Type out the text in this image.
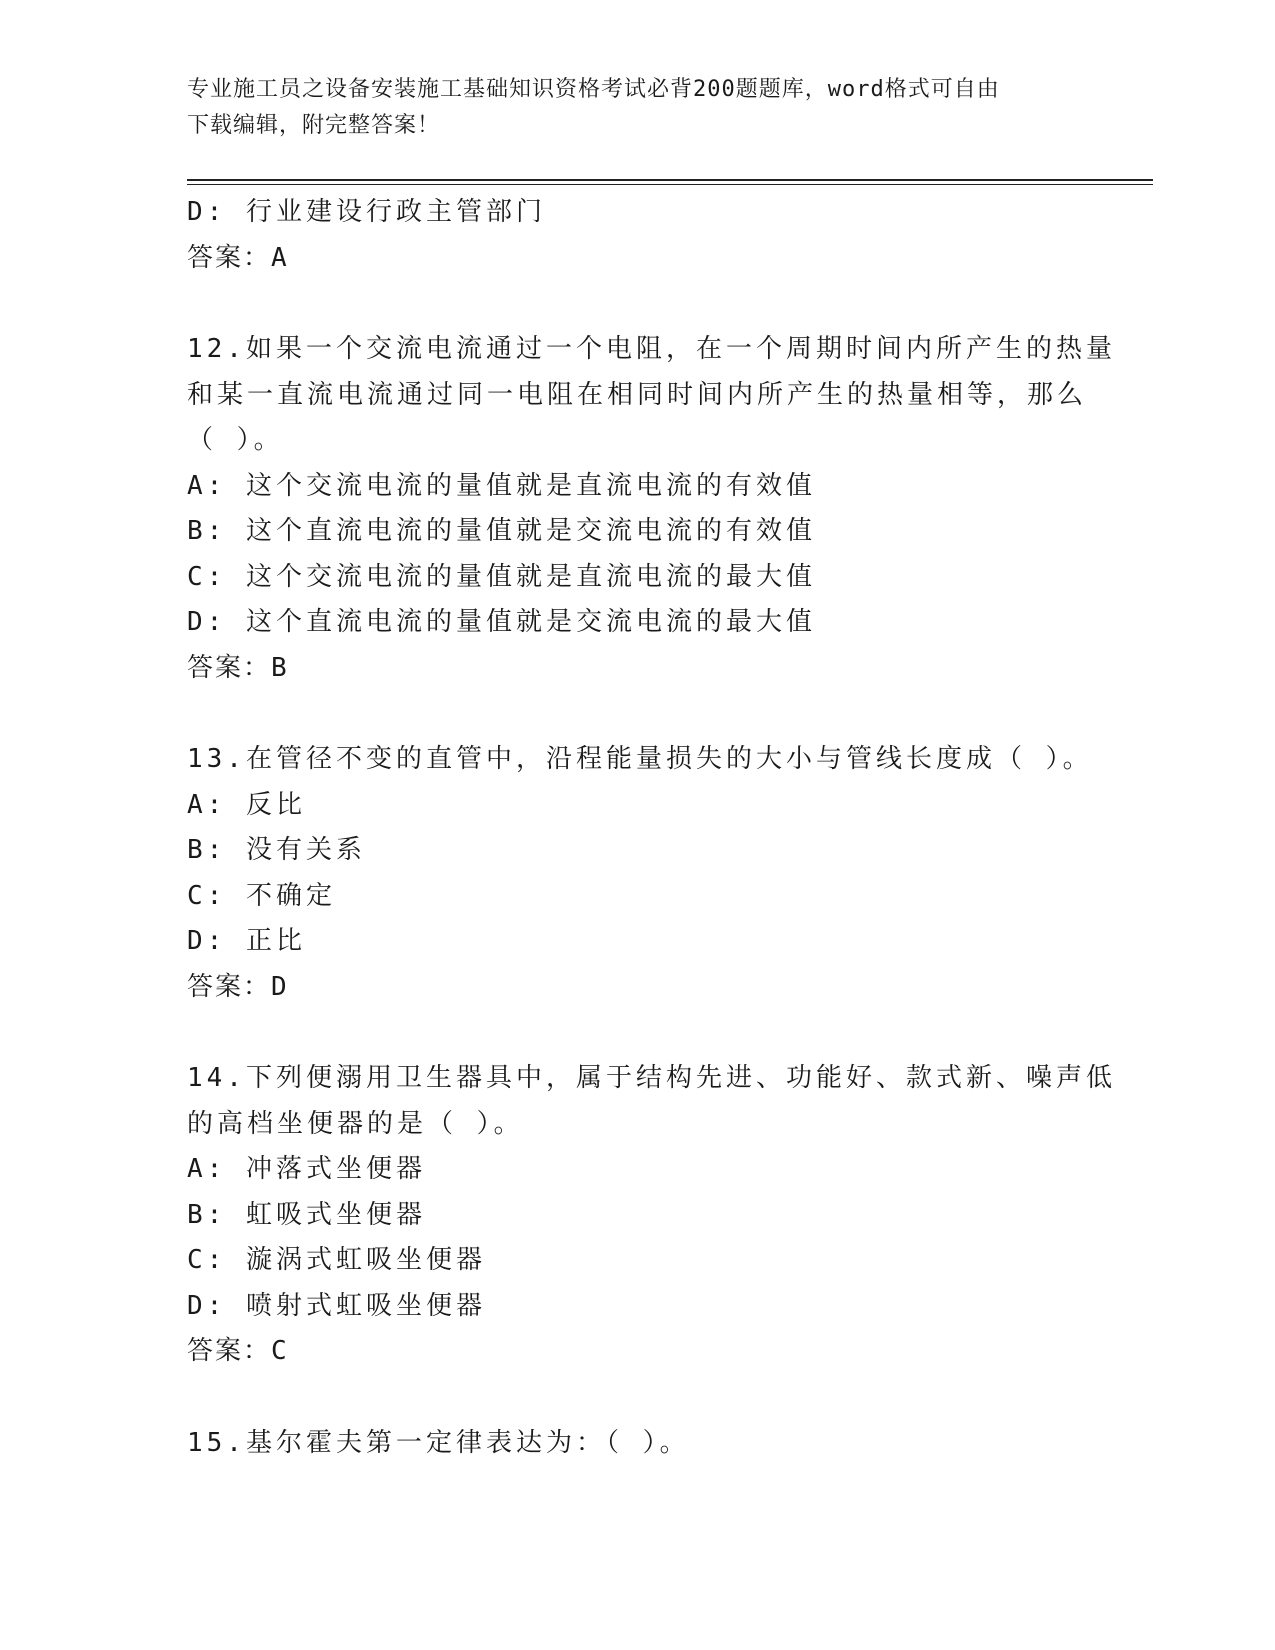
专业施工员之设备安装施工基础知识资格考试必背200题题库，word格式可自由
下载编辑，附完整答案！
D: 行业建设行政主管部门
答案：A
12.如果一个交流电流通过一个电阻，在一个周期时间内所产生的热量
和某一直流电流通过同一电阻在相同时间内所产生的热量相等，那么
（ ）。
A: 这个交流电流的量值就是直流电流的有效值
B: 这个直流电流的量值就是交流电流的有效值
C: 这个交流电流的量值就是直流电流的最大值
D: 这个直流电流的量值就是交流电流的最大值
答案：B
13.在管径不变的直管中，沿程能量损失的大小与管线长度成（ ）。
A: 反比
B: 没有关系
C: 不确定
D: 正比
答案：D
14.下列便溺用卫生器具中，属于结构先进、功能好、款式新、噪声低
的高档坐便器的是（ ）。
A: 冲落式坐便器
B: 虹吸式坐便器
C: 漩涡式虹吸坐便器
D: 喷射式虹吸坐便器
答案：C
15.基尔霍夫第一定律表达为：（ ）。
